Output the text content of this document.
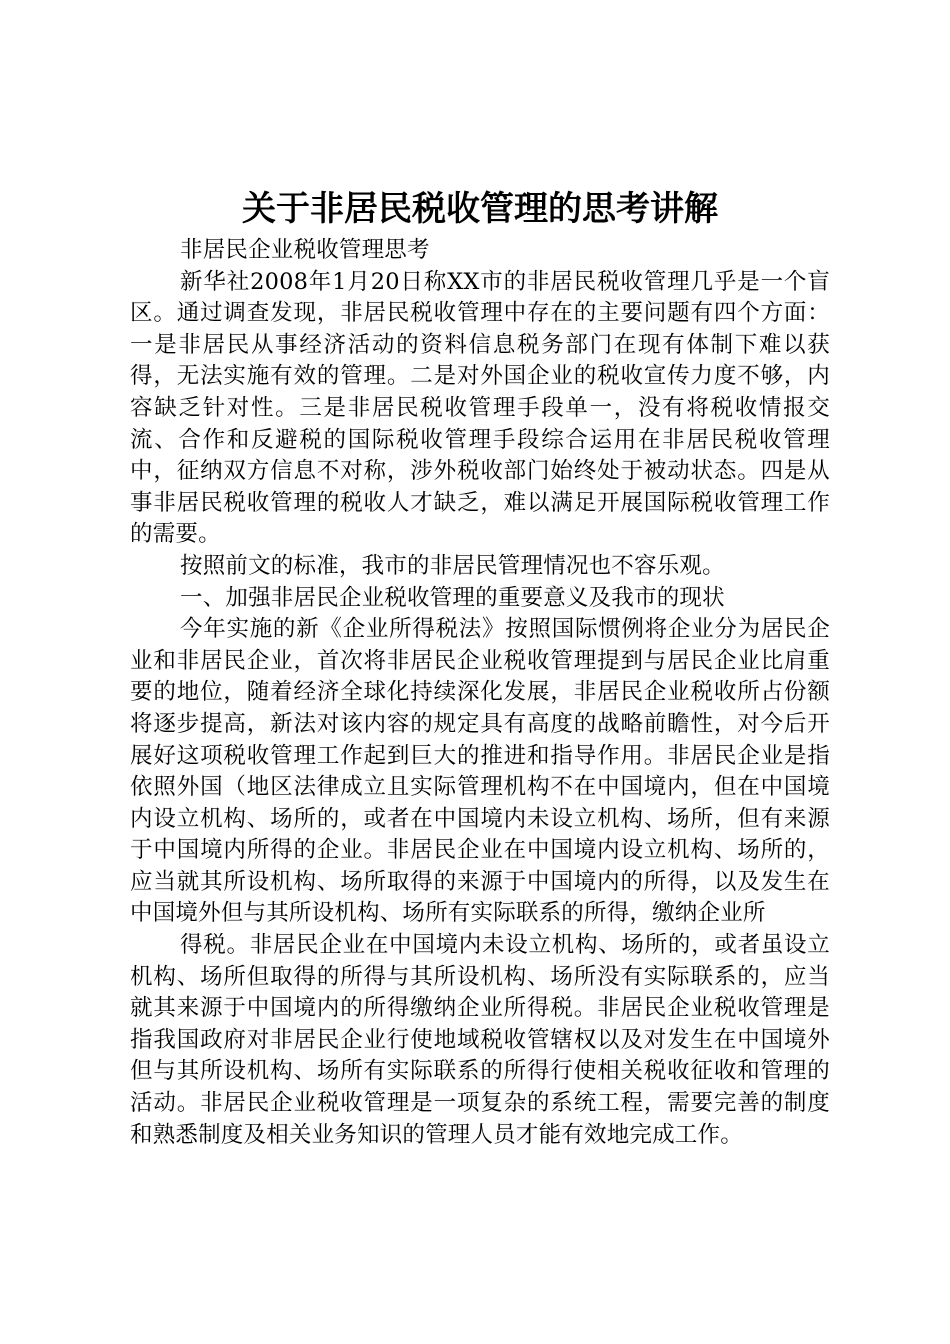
关于非居民税收管理的思考讲解

非居民企业税收管理思考

新华社2008年1月20日称XX市的非居民税收管理几乎是一个盲区。通过调查发现，非居民税收管理中存在的主要问题有四个方面：一是非居民从事经济活动的资料信息税务部门在现有体制下难以获得，无法实施有效的管理。二是对外国企业的税收宣传力度不够，内容缺乏针对性。三是非居民税收管理手段单一，没有将税收情报交流、合作和反避税的国际税收管理手段综合运用在非居民税收管理中，征纳双方信息不对称，涉外税收部门始终处于被动状态。四是从事非居民税收管理的税收人才缺乏，难以满足开展国际税收管理工作的需要。

按照前文的标准，我市的非居民管理情况也不容乐观。

一、加强非居民企业税收管理的重要意义及我市的现状

今年实施的新《企业所得税法》按照国际惯例将企业分为居民企业和非居民企业，首次将非居民企业税收管理提到与居民企业比肩重要的地位，随着经济全球化持续深化发展，非居民企业税收所占份额将逐步提高，新法对该内容的规定具有高度的战略前瞻性，对今后开展好这项税收管理工作起到巨大的推进和指导作用。非居民企业是指依照外国（地区法律成立且实际管理机构不在中国境内，但在中国境内设立机构、场所的，或者在中国境内未设立机构、场所，但有来源于中国境内所得的企业。非居民企业在中国境内设立机构、场所的，应当就其所设机构、场所取得的来源于中国境内的所得，以及发生在中国境外但与其所设机构、场所有实际联系的所得，缴纳企业所

得税。非居民企业在中国境内未设立机构、场所的，或者虽设立机构、场所但取得的所得与其所设机构、场所没有实际联系的，应当就其来源于中国境内的所得缴纳企业所得税。非居民企业税收管理是指我国政府对非居民企业行使地域税收管辖权以及对发生在中国境外但与其所设机构、场所有实际联系的所得行使相关税收征收和管理的活动。非居民企业税收管理是一项复杂的系统工程，需要完善的制度和熟悉制度及相关业务知识的管理人员才能有效地完成工作。
